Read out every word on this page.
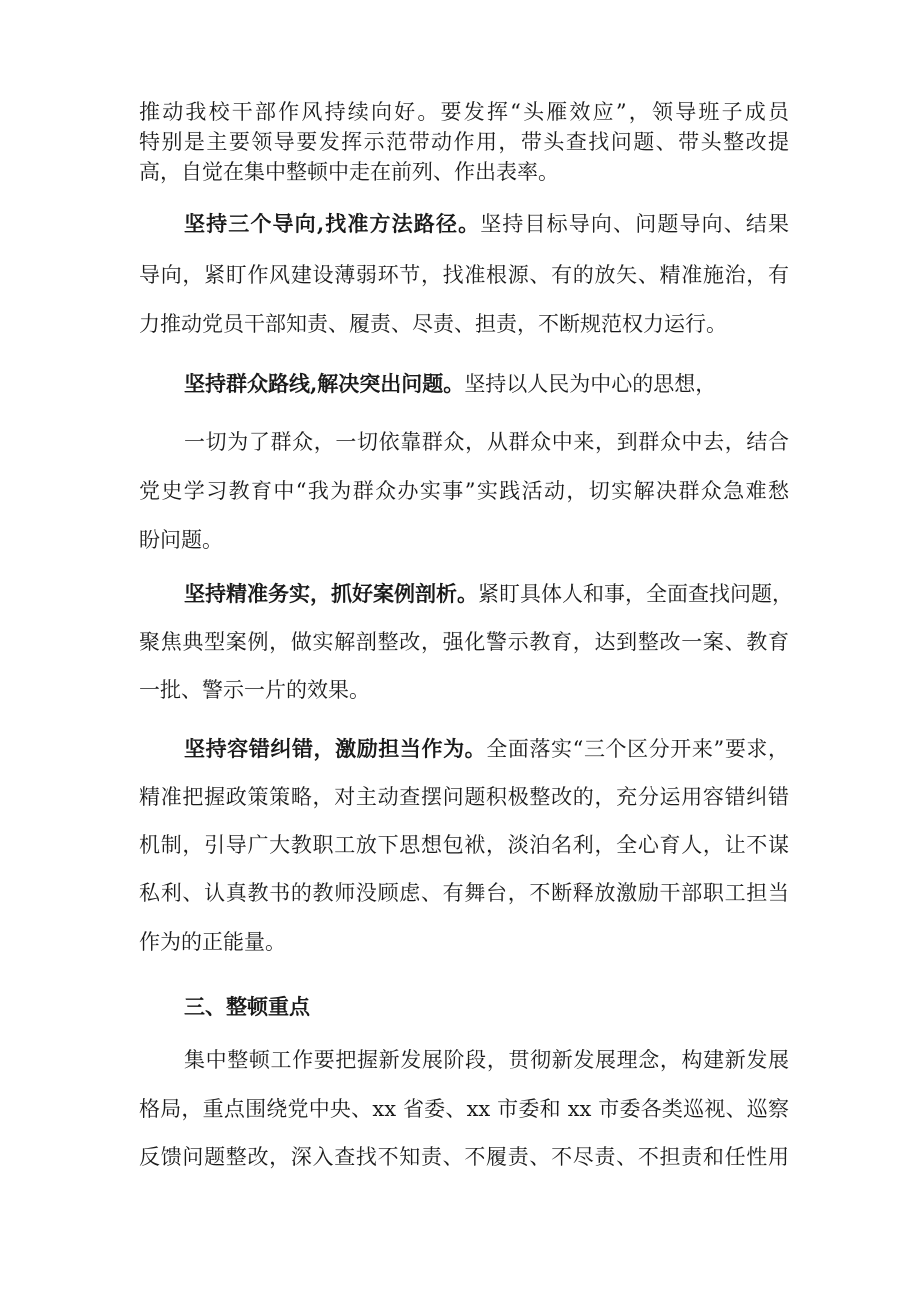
推动我校干部作风持续向好。要发挥“头雁效应”，领导班子成员
特别是主要领导要发挥示范带动作用，带头查找问题、带头整改提
高，自觉在集中整顿中走在前列、作出表率。
坚持三个导向,找准方法路径。坚持目标导向、问题导向、结果
导向，紧盯作风建设薄弱环节，找准根源、有的放矢、精准施治，有
力推动党员干部知责、履责、尽责、担责，不断规范权力运行。
坚持群众路线,解决突出问题。坚持以人民为中心的思想，
一切为了群众，一切依靠群众，从群众中来，到群众中去，结合
党史学习教育中“我为群众办实事”实践活动，切实解决群众急难愁
盼问题。
坚持精准务实，抓好案例剖析。紧盯具体人和事，全面查找问题，
聚焦典型案例，做实解剖整改，强化警示教育，达到整改一案、教育
一批、警示一片的效果。
坚持容错纠错，激励担当作为。全面落实“三个区分开来”要求，
精准把握政策策略，对主动查摆问题积极整改的，充分运用容错纠错
机制，引导广大教职工放下思想包袱，淡泊名利，全心育人，让不谋
私利、认真教书的教师没顾虑、有舞台，不断释放激励干部职工担当
作为的正能量。
三、整顿重点
集中整顿工作要把握新发展阶段，贯彻新发展理念，构建新发展
格局，重点围绕党中央、xx 省委、xx 市委和 xx 市委各类巡视、巡察
反馈问题整改，深入查找不知责、不履责、不尽责、不担责和任性用
